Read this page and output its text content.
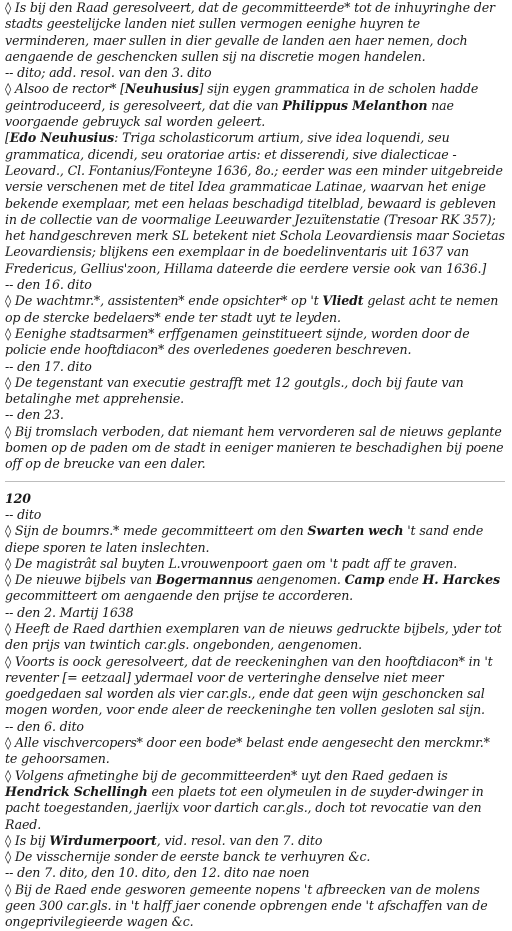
◊ Is bij den Raad geresolveert, dat de gecommitteerde* tot de inhuyringhe der stadts geestelijcke landen niet sullen vermogen eenighe huyren te verminderen, maer sullen in dier gevalle de landen aen haer nemen, doch aengaende de geschencken sullen sij na discretie mogen handelen.

-- dito; add. resol. van den 3. dito

◊ Alsoo de rector* [Neuhusius] sijn eygen grammatica in de scholen hadde geintroduceerd, is geresolveert, dat die van Philippus Melanthon nae voorgaende gebruyck sal worden geleert.

[Edo Neuhusius: Triga scholasticorum artium, sive idea loquendi, seu grammatica, dicendi, seu oratoriae artis: et disserendi, sive dialecticae - Leovard., Cl. Fontanius/Fonteyne 1636, 8o.; eerder was een minder uitgebreide versie verschenen met de titel Idea grammaticae Latinae, waarvan het enige bekende exemplaar, met een helaas beschadigd titelblad, bewaard is gebleven in de collectie van de voormalige Leeuwarder Jezuïtenstatie (Tresoar RK 357); het handgeschreven merk SL betekent niet Schola Leovardiensis maar Societas Leovardiensis; blijkens een exemplaar in de boedelinventaris uit 1637 van Fredericus, Gellius'zoon, Hillama dateerde die eerdere versie ook van 1636.]

-- den 16. dito

◊ De wachtmr.*, assistenten* ende opsichter* op 't Vliedt gelast acht te nemen op de stercke bedelaers* ende ter stadt uyt te leyden.

◊ Eenighe stadtsarmen* erffgenamen geinstitueert sijnde, worden door de policie ende hooftdiacon* des overledenes goederen beschreven.

-- den 17. dito

◊ De tegenstant van executie gestrafft met 12 goutgls., doch bij faute van betalinghe met apprehensie.

-- den 23.

◊ Bij tromslach verboden, dat niemant hem vervorderen sal de nieuws geplante bomen op de paden om de stadt in eeniger manieren te beschadighen bij poene off op de breucke van een daler.

120

-- dito

◊ Sijn de boumrs.* mede gecommitteert om den Swarten wech 't sand ende diepe sporen te laten inslechten.

◊ De magistrât sal buyten L.vrouwenpoort gaen om 't padt aff te graven.

◊ De nieuwe bijbels van Bogermannus aengenomen. Camp ende H. Harckes gecommitteert om aengaende den prijse te accorderen.

-- den 2. Martij 1638

◊ Heeft de Raed darthien exemplaren van de nieuws gedruckte bijbels, yder tot den prijs van twintich car.gls. ongebonden, aengenomen.

◊ Voorts is oock geresolveert, dat de reeckeninghen van den hooftdiacon* in 't reventer [= eetzaal] ydermael voor de verteringhe denselve niet meer goedgedaen sal worden als vier car.gls., ende dat geen wijn geschoncken sal mogen worden, voor ende aleer de reeckeninghe ten vollen gesloten sal sijn.

-- den 6. dito

◊ Alle vischvercopers* door een bode* belast ende aengesecht den merckmr.* te gehoorsamen.

◊ Volgens afmetinghe bij de gecommitteerden* uyt den Raed gedaen is Hendrick Schellingh een plaets tot een olymeulen in de suyder-dwinger in pacht toegestanden, jaerlijx voor dartich car.gls., doch tot revocatie van den Raed.

◊ Is bij Wirdumerpoort, vid. resol. van den 7. dito

◊ De visschernije sonder de eerste banck te verhuyren &c.

-- den 7. dito, den 10. dito, den 12. dito nae noen

◊ Bij de Raed ende gesworen gemeente nopens 't afbreecken van de molens geen 300 car.gls. in 't halff jaer conende opbrengen ende 't afschaffen van de ongeprivilegieerde wagen &c.
